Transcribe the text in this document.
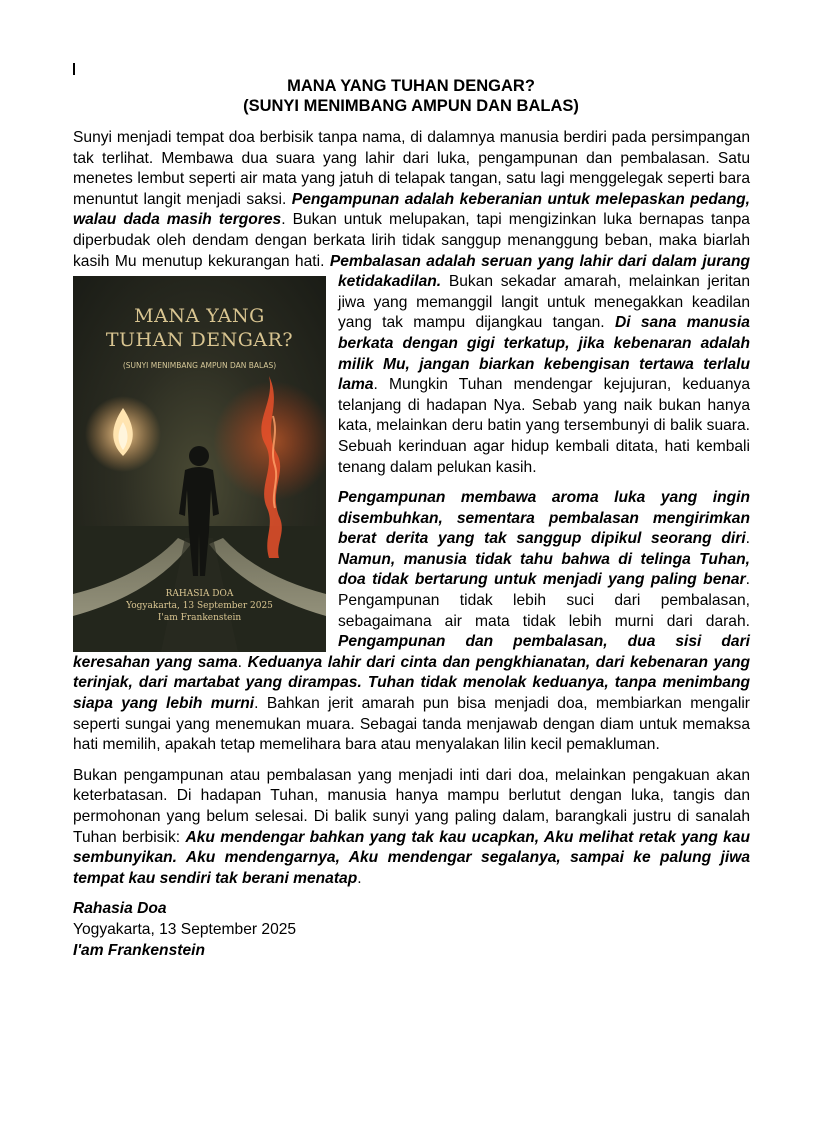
MANA YANG TUHAN DENGAR?
(SUNYI MENIMBANG AMPUN DAN BALAS)

Sunyi menjadi tempat doa berbisik tanpa nama, di dalamnya manusia berdiri pada persimpangan tak terlihat. Membawa dua suara yang lahir dari luka, pengampunan dan pembalasan. Satu menetes lembut seperti air mata yang jatuh di telapak tangan, satu lagi menggelegak seperti bara menuntut langit menjadi saksi. Pengampunan adalah keberanian untuk melepaskan pedang, walau dada masih tergores. Bukan untuk melupakan, tapi mengizinkan luka bernapas tanpa diperbudak oleh dendam dengan berkata lirih tidak sanggup menanggung beban, maka biarlah kasih Mu menutup kekurangan hati. Pembalasan adalah seruan yang lahir dari dalam jurang ketidakadilan.
MANA YANG
TUHAN DENGAR?
(SUNYI MENIMBANG AMPUN DAN BALAS)
RAHASIA DOA
Yogyakarta, 13 September 2025
I'am Frankenstein
Bukan sekadar amarah, melainkan jeritan jiwa yang memanggil langit untuk menegakkan keadilan yang tak mampu dijangkau tangan. Di sana manusia berkata dengan gigi terkatup, jika kebenaran adalah milik Mu, jangan biarkan kebengisan tertawa terlalu lama. Mungkin Tuhan mendengar kejujuran, keduanya telanjang di hadapan Nya. Sebab yang naik bukan hanya kata, melainkan deru batin yang tersembunyi di balik suara. Sebuah kerinduan agar hidup kembali ditata, hati kembali tenang dalam pelukan kasih.

Pengampunan membawa aroma luka yang ingin disembuhkan, sementara pembalasan mengirimkan berat derita yang tak sanggup dipikul seorang diri. Namun, manusia tidak tahu bahwa di telinga Tuhan, doa tidak bertarung untuk menjadi yang paling benar. Pengampunan tidak lebih suci dari pembalasan, sebagaimana air mata tidak lebih murni dari darah. Pengampunan dan pembalasan, dua sisi dari keresahan yang sama. Keduanya lahir dari cinta dan pengkhianatan, dari kebenaran yang terinjak, dari martabat yang dirampas. Tuhan tidak menolak keduanya, tanpa menimbang siapa yang lebih murni. Bahkan jerit amarah pun bisa menjadi doa, membiarkan mengalir seperti sungai yang menemukan muara. Sebagai tanda menjawab dengan diam untuk memaksa hati memilih, apakah tetap memelihara bara atau menyalakan lilin kecil pemakluman.

Bukan pengampunan atau pembalasan yang menjadi inti dari doa, melainkan pengakuan akan keterbatasan. Di hadapan Tuhan, manusia hanya mampu berlutut dengan luka, tangis dan permohonan yang belum selesai. Di balik sunyi yang paling dalam, barangkali justru di sanalah Tuhan berbisik: Aku mendengar bahkan yang tak kau ucapkan, Aku melihat retak yang kau sembunyikan. Aku mendengarnya, Aku mendengar segalanya, sampai ke palung jiwa tempat kau sendiri tak berani menatap.

Rahasia Doa
Yogyakarta, 13 September 2025
I'am Frankenstein
